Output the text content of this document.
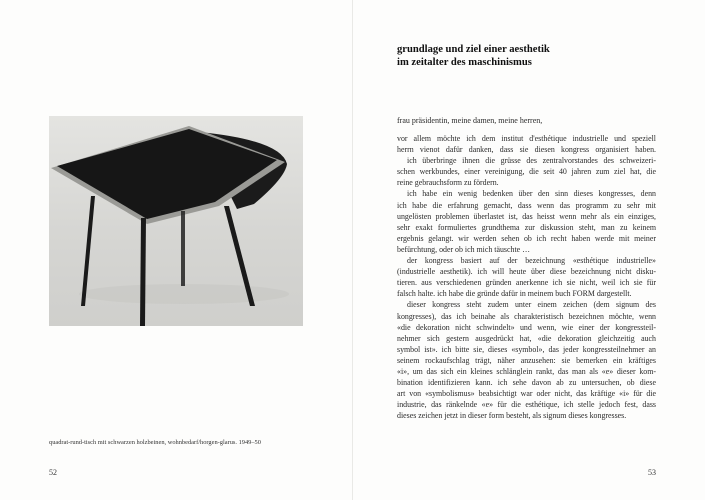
quadrat-rund-tisch mit schwarzen holzbeinen, wohnbedarf/horgen-glarus. 1949–50
52
grundlage und ziel einer aesthetik
im zeitalter des maschinismus
frau präsidentin, meine damen, meine herren,
vor allem möchte ich dem institut d'esthétique industrielle und speziell
herrn vienot dafür danken, dass sie diesen kongress organisiert haben.
ich überbringe ihnen die grüsse des zentralvorstandes des schweizeri-
schen werkbundes, einer vereinigung, die seit 40 jahren zum ziel hat, die
reine gebrauchsform zu fördern.
ich habe ein wenig bedenken über den sinn dieses kongresses, denn
ich habe die erfahrung gemacht, dass wenn das programm zu sehr mit
ungelösten problemen überlastet ist, das heisst wenn mehr als ein einziges,
sehr exakt formuliertes grundthema zur diskussion steht, man zu keinem
ergebnis gelangt. wir werden sehen ob ich recht haben werde mit meiner
befürchtung, oder ob ich mich täuschte …
der kongress basiert auf der bezeichnung «esthétique industrielle»
(industrielle aesthetik). ich will heute über diese bezeichnung nicht disku-
tieren. aus verschiedenen gründen anerkenne ich sie nicht, weil ich sie für
falsch halte. ich habe die gründe dafür in meinem buch FORM dargestellt.
dieser kongress steht zudem unter einem zeichen (dem signum des
kongresses), das ich beinahe als charakteristisch bezeichnen möchte, wenn
«die dekoration nicht schwindelt» und wenn, wie einer der kongressteil-
nehmer sich gestern ausgedrückt hat, «die dekoration gleichzeitig auch
symbol ist». ich bitte sie, dieses «symbol», das jeder kongressteilnehmer an
seinem rockaufschlag trägt, näher anzusehen: sie bemerken ein kräftiges
«i», um das sich ein kleines schlänglein rankt, das man als «e» dieser kom-
bination identifizieren kann. ich sehe davon ab zu untersuchen, ob diese
art von «symbolismus» beabsichtigt war oder nicht, das kräftige «i» für die
industrie, das ränkelnde «e» für die esthétique, ich stelle jedoch fest, dass
dieses zeichen jetzt in dieser form besteht, als signum dieses kongresses.
53
